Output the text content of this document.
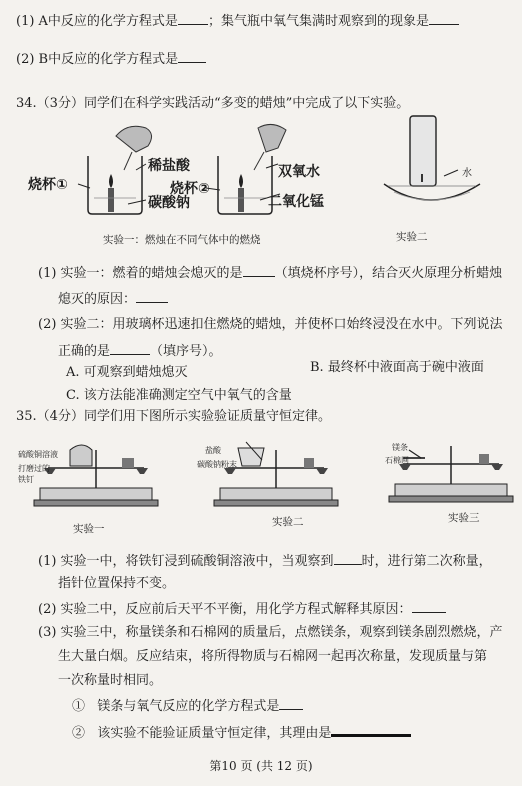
(1) A中反应的化学方程式是 ；集气瓶中氧气集满时观察到的现象是
(2) B中反应的化学方程式是
34.（3分）同学们在科学实践活动“多变的蜡烛”中完成了以下实验。
烧杯①
稀盐酸
碳酸钠
烧杯②
双氧水
二氧化锰
水
实验一：燃烛在不同气体中的燃烧	实验二
(1) 实验一：燃着的蜡烛会熄灭的是 （填烧杯序号），结合灭火原理分析蜡烛
熄灭的原因：
(2) 实验二：用玻璃杯迅速扣住燃烧的蜡烛，并使杯口始终浸没在水中。下列说法
正确的是	（填序号）。
A. 可观察到蜡烛熄灭	B. 最终杯中液面高于碗中液面
C. 该方法能准确测定空气中氧气的含量
35.（4分）同学们用下图所示实验验证质量守恒定律。
硫酸铜溶液
打磨过的铁钉
盐酸
碳酸钠粉末
镁条
石棉网
实验一
实验二	实验三
(1) 实验一中，将铁钉浸到硫酸铜溶液中，当观察到 时，进行第二次称量，
指针位置保持不变。
(2) 实验二中，反应前后天平不平衡，用化学方程式解释其原因：
(3) 实验三中，称量镁条和石棉网的质量后，点燃镁条，观察到镁条剧烈燃烧，产
生大量白烟。反应结束，将所得物质与石棉网一起再次称量，发现质量与第
一次称量时相同。
① 镁条与氧气反应的化学方程式是
② 该实验不能验证质量守恒定律，其理由是
第10 页 (共 12 页)
